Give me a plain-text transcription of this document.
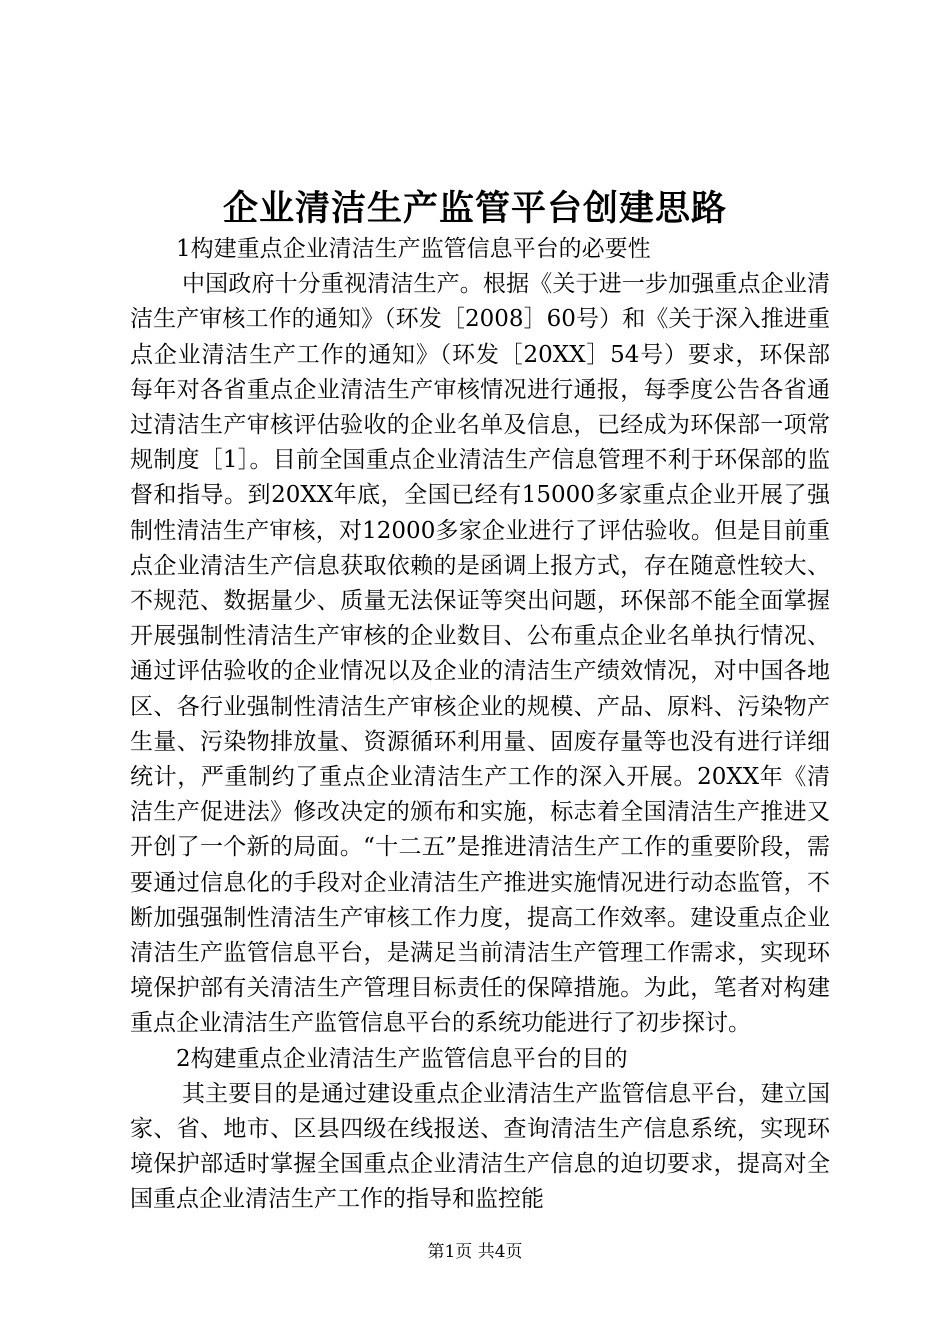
企业清洁生产监管平台创建思路

1构建重点企业清洁生产监管信息平台的必要性

中国政府十分重视清洁生产。根据《关于进一步加强重点企业清洁生产审核工作的通知》（环发［2008］60号）和《关于深入推进重点企业清洁生产工作的通知》（环发［20XX］54号）要求，环保部每年对各省重点企业清洁生产审核情况进行通报，每季度公告各省通过清洁生产审核评估验收的企业名单及信息，已经成为环保部一项常规制度［1］。目前全国重点企业清洁生产信息管理不利于环保部的监督和指导。到20XX年底，全国已经有15000多家重点企业开展了强制性清洁生产审核，对12000多家企业进行了评估验收。但是目前重点企业清洁生产信息获取依赖的是函调上报方式，存在随意性较大、不规范、数据量少、质量无法保证等突出问题，环保部不能全面掌握开展强制性清洁生产审核的企业数目、公布重点企业名单执行情况、通过评估验收的企业情况以及企业的清洁生产绩效情况，对中国各地区、各行业强制性清洁生产审核企业的规模、产品、原料、污染物产生量、污染物排放量、资源循环利用量、固废存量等也没有进行详细统计，严重制约了重点企业清洁生产工作的深入开展。20XX年《清洁生产促进法》修改决定的颁布和实施，标志着全国清洁生产推进又开创了一个新的局面。“十二五”是推进清洁生产工作的重要阶段，需要通过信息化的手段对企业清洁生产推进实施情况进行动态监管，不断加强强制性清洁生产审核工作力度，提高工作效率。建设重点企业清洁生产监管信息平台，是满足当前清洁生产管理工作需求，实现环境保护部有关清洁生产管理目标责任的保障措施。为此，笔者对构建重点企业清洁生产监管信息平台的系统功能进行了初步探讨。

2构建重点企业清洁生产监管信息平台的目的

其主要目的是通过建设重点企业清洁生产监管信息平台，建立国家、省、地市、区县四级在线报送、查询清洁生产信息系统，实现环境保护部适时掌握全国重点企业清洁生产信息的迫切要求，提高对全国重点企业清洁生产工作的指导和监控能

第1页 共4页
